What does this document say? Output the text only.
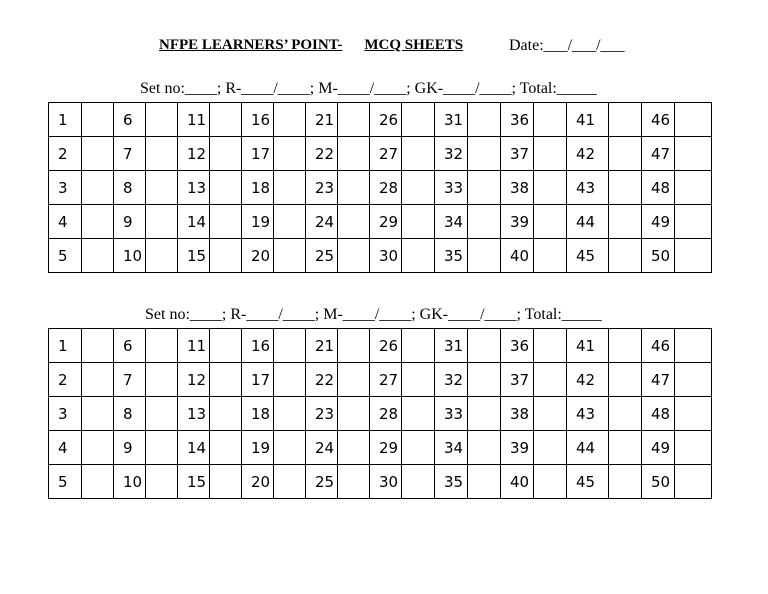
NFPE LEARNERS’ POINT- MCQ SHEETS	Date:___/___/___
Set no:____; R-____/____; M-____/____; GK-____/____; Total:_____
1		6		11		16		21		26		31		36		41		46	
2		7		12		17		22		27		32		37		42		47	
3		8		13		18		23		28		33		38		43		48	
4		9		14		19		24		29		34		39		44		49	
5		10		15		20		25		30		35		40		45		50	
Set no:____; R-____/____; M-____/____; GK-____/____; Total:_____
1		6		11		16		21		26		31		36		41		46	
2		7		12		17		22		27		32		37		42		47	
3		8		13		18		23		28		33		38		43		48	
4		9		14		19		24		29		34		39		44		49	
5		10		15		20		25		30		35		40		45		50	
